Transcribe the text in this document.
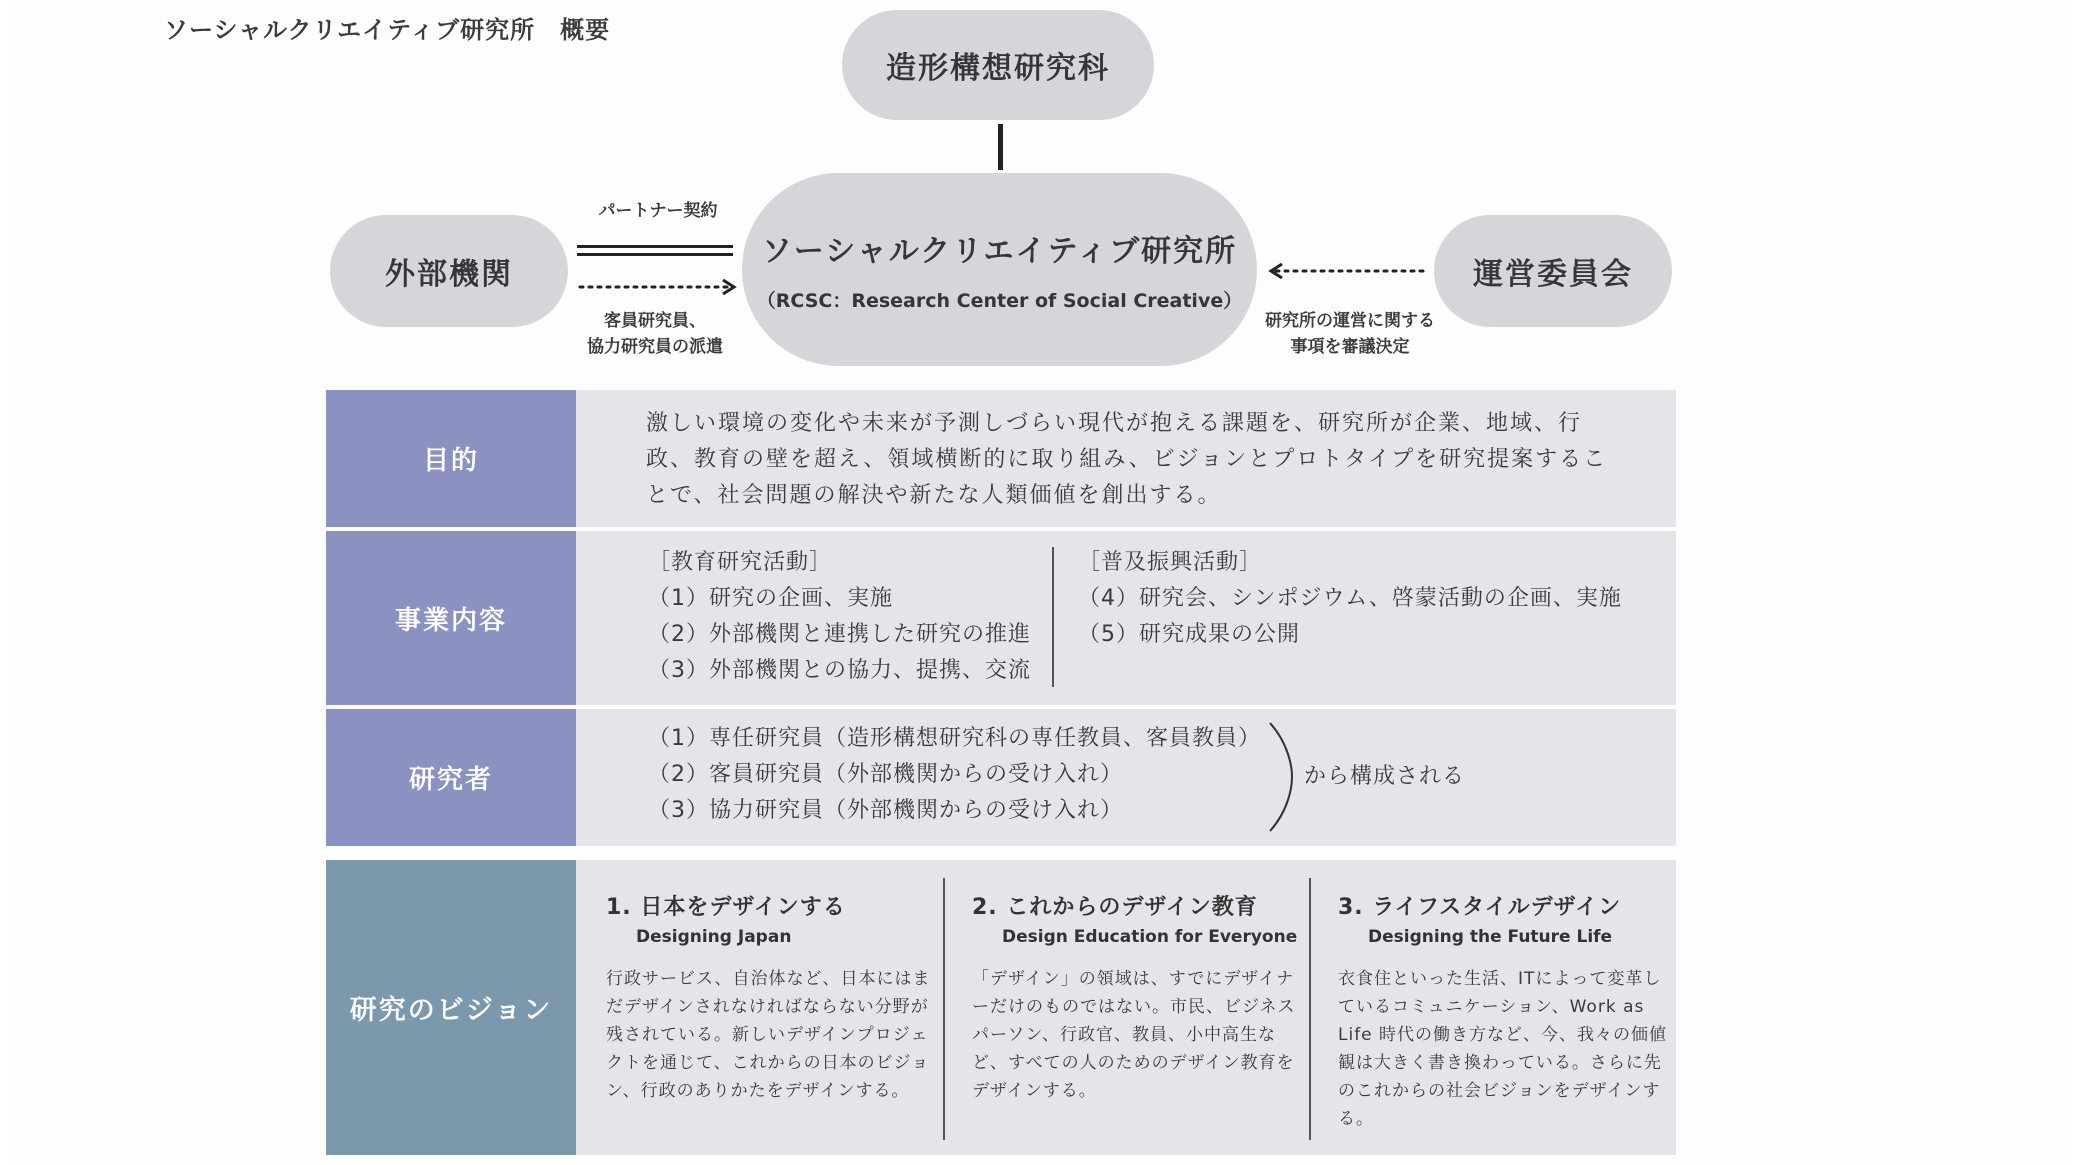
ソーシャルクリエイティブ研究所　概要
造形構想研究科
外部機関
ソーシャルクリエイティブ研究所
（RCSC：Research Center of Social Creative）
運営委員会
パートナー契約
客員研究員、
協力研究員の派遣
研究所の運営に関する
事項を審議決定
目的
激しい環境の変化や未来が予測しづらい現代が抱える課題を、研究所が企業、地域、行政、教育の壁を超え、領域横断的に取り組み、ビジョンとプロトタイプを研究提案することで、社会問題の解決や新たな人類価値を創出する。
事業内容
［教育研究活動］
（1）研究の企画、実施
（2）外部機関と連携した研究の推進
（3）外部機関との協力、提携、交流
［普及振興活動］
（4）研究会、シンポジウム、啓蒙活動の企画、実施
（5）研究成果の公開
研究者
（1）専任研究員（造形構想研究科の専任教員、客員教員）
（2）客員研究員（外部機関からの受け入れ）
（3）協力研究員（外部機関からの受け入れ）
から構成される
研究のビジョン
1. 日本をデザインする
Designing Japan
行政サービス、自治体など、日本にはまだデザインされなければならない分野が残されている。新しいデザインプロジェクトを通じて、これからの日本のビジョン、行政のありかたをデザインする。
2. これからのデザイン教育
Design Education for Everyone
「デザイン」の領域は、すでにデザイナーだけのものではない。市民、ビジネスパーソン、行政官、教員、小中高生など、すべての人のためのデザイン教育をデザインする。
3. ライフスタイルデザイン
Designing the Future Life
衣食住といった生活、ITによって変革しているコミュニケーション、Work as Life 時代の働き方など、今、我々の価値観は大きく書き換わっている。さらに先のこれからの社会ビジョンをデザインする。
